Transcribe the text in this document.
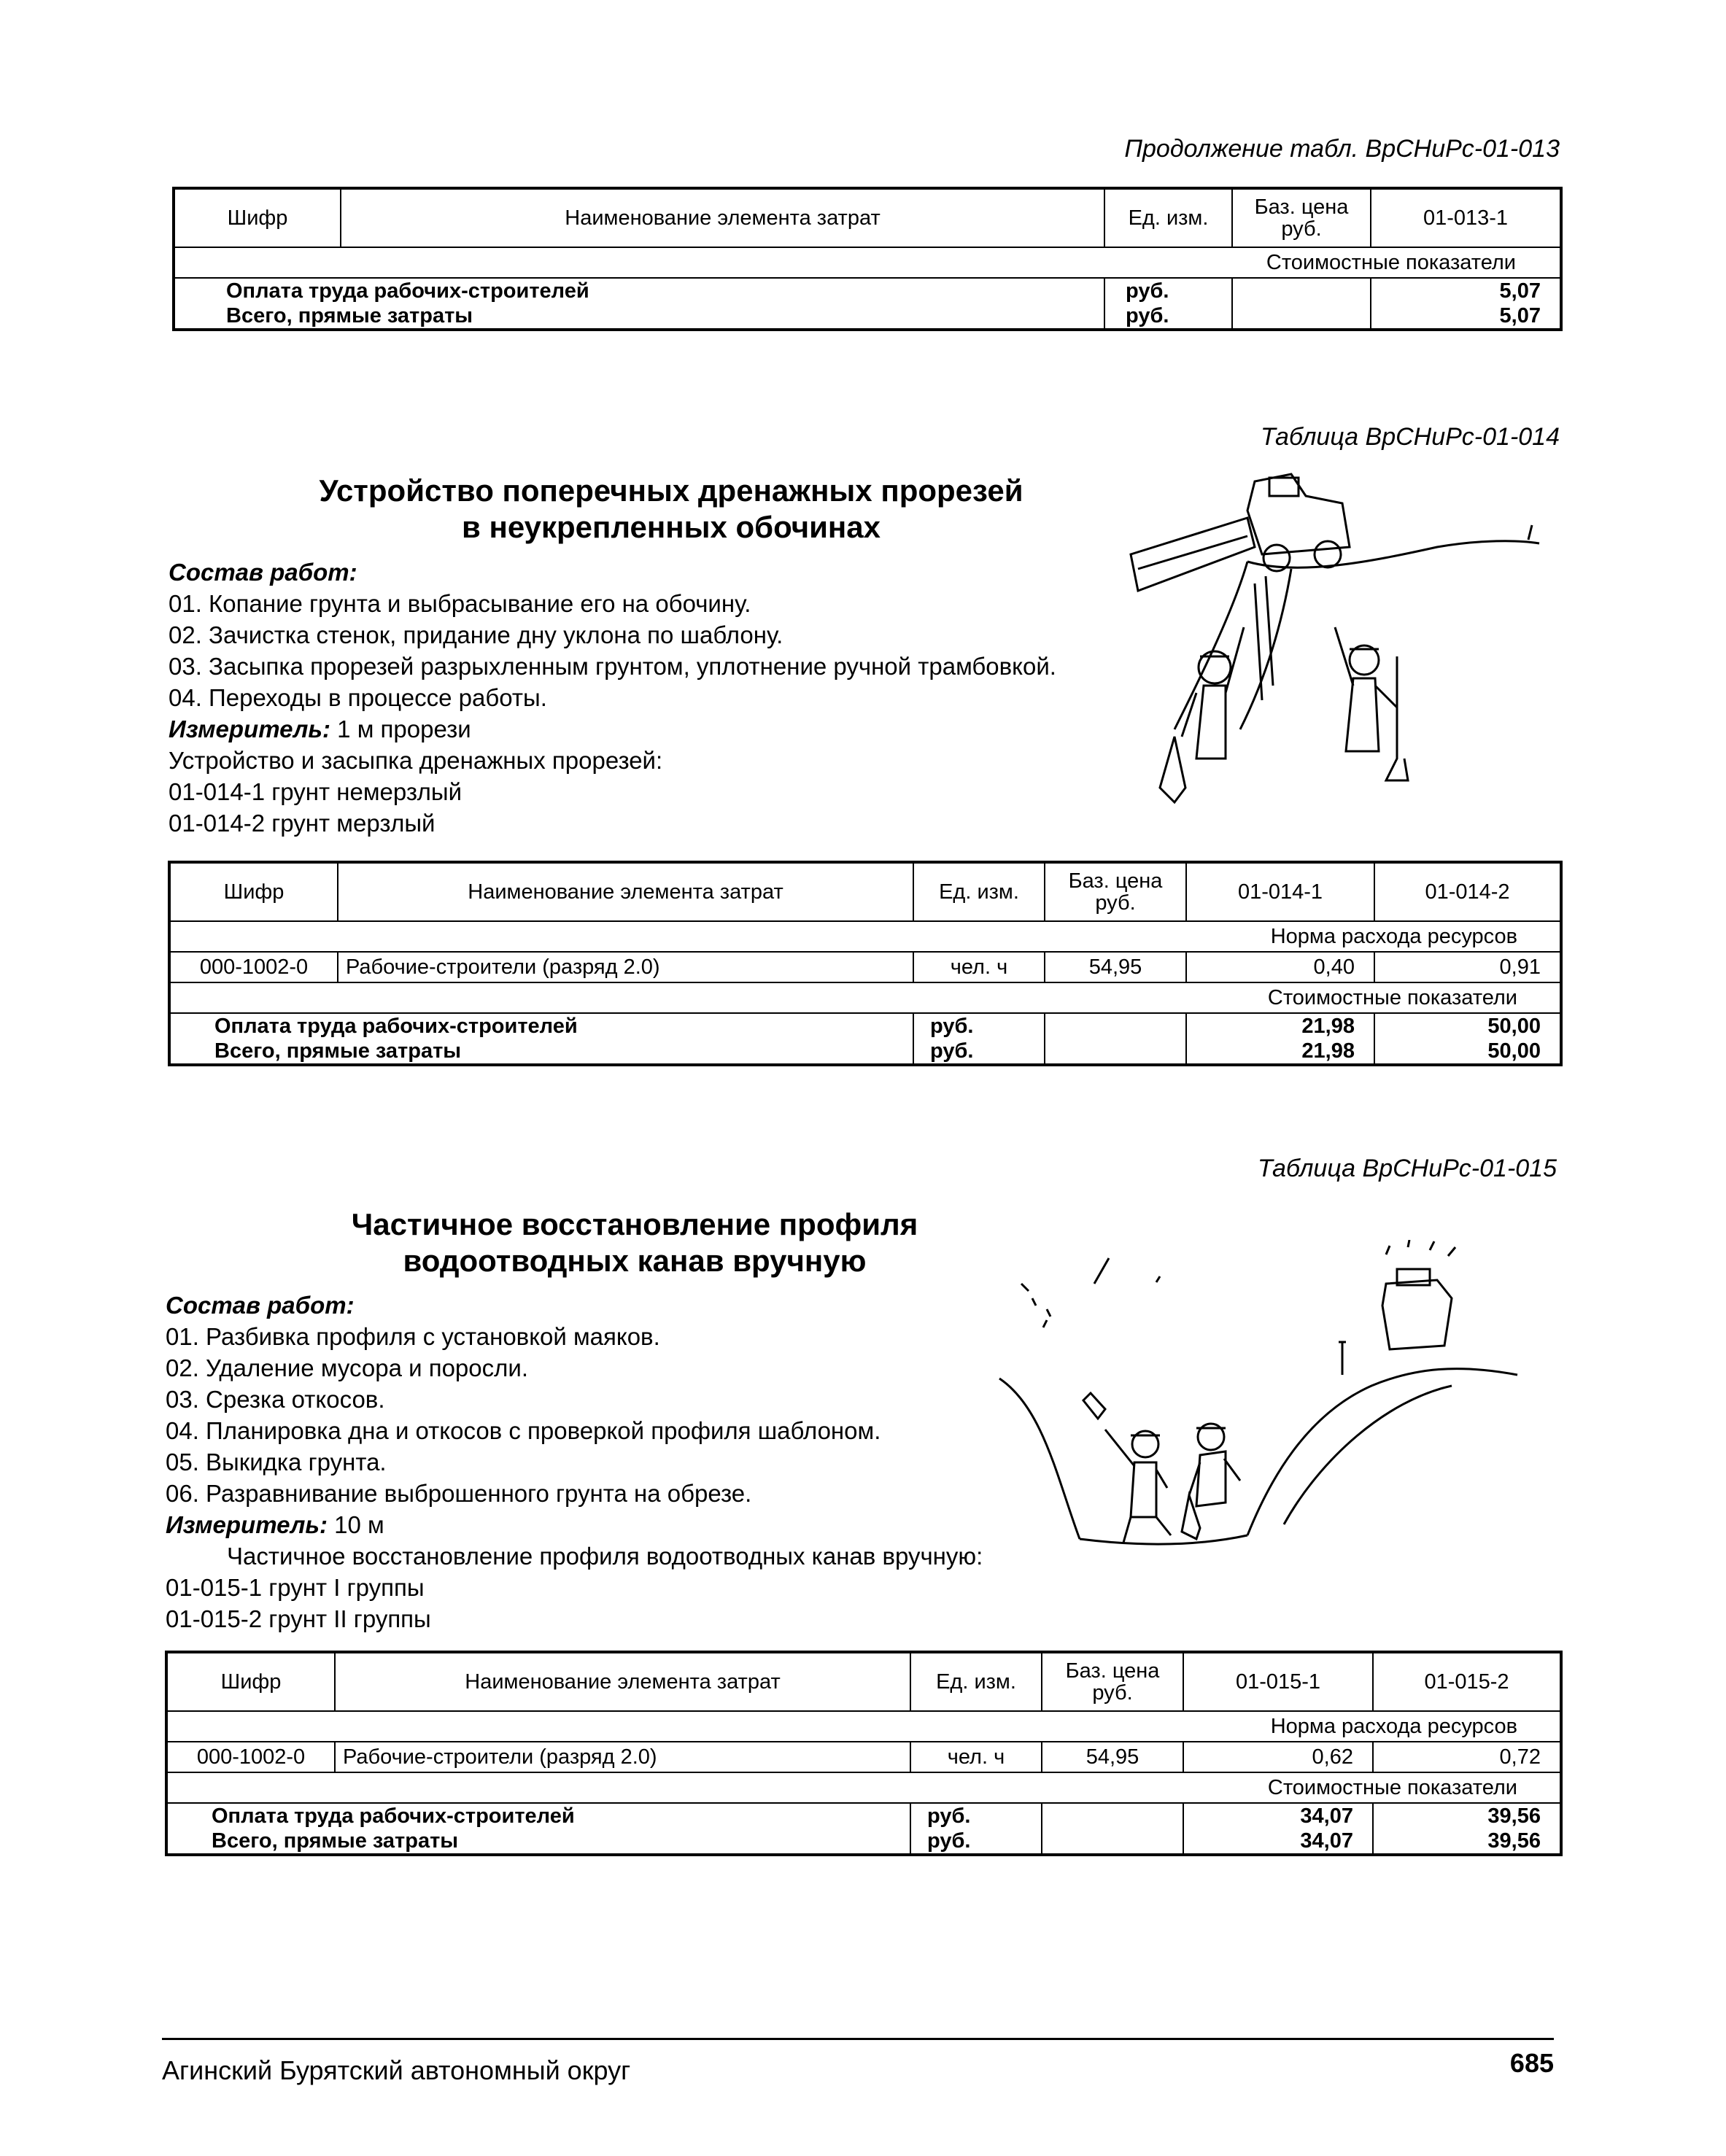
Продолжение табл. ВрСНиРс-01-013
Шифр	Наименование элемента затрат	Ед. изм.	Баз. цена руб.	01-013-1
Стоимостные показатели				
Оплата труда рабочих-строителей		руб.		5,07
Всего, прямые затраты		руб.		5,07
Таблица ВрСНиРс-01-014
Устройство поперечных дренажных прорезей
в неукрепленных обочинах
Состав работ:
01. Копание грунта и выбрасывание его на обочину.
02. Зачистка стенок, придание дну уклона по шаблону.
03. Засыпка прорезей разрыхленным грунтом, уплотнение ручной трамбовкой.
04. Переходы в процессе работы.
Измеритель: 1 м прорези
Устройство и засыпка дренажных прорезей:
01-014-1 грунт немерзлый
01-014-2 грунт мерзлый
Шифр	Наименование элемента затрат	Ед. изм.	Баз. цена руб.	01-014-1	01-014-2
Норма расхода ресурсов					
000-1002-0	Рабочие-строители (разряд 2.0)	чел. ч	54,95	0,40	0,91
Стоимостные показатели					
Оплата труда рабочих-строителей		руб.		21,98	50,00
Всего, прямые затраты		руб.		21,98	50,00
Таблица ВрСНиРс-01-015
Частичное восстановление профиля
водоотводных канав вручную
Состав работ:
01. Разбивка профиля с установкой маяков.
02. Удаление мусора и поросли.
03. Срезка откосов.
04. Планировка дна и откосов с проверкой профиля шаблоном.
05. Выкидка грунта.
06. Разравнивание выброшенного грунта на обрезе.
Измеритель: 10 м
Частичное восстановление профиля водоотводных канав вручную:
01-015-1 грунт I группы
01-015-2 грунт II группы
Шифр	Наименование элемента затрат	Ед. изм.	Баз. цена руб.	01-015-1	01-015-2
Норма расхода ресурсов					
000-1002-0	Рабочие-строители (разряд 2.0)	чел. ч	54,95	0,62	0,72
Стоимостные показатели					
Оплата труда рабочих-строителей		руб.		34,07	39,56
Всего, прямые затраты		руб.		34,07	39,56
Агинский Бурятский автономный округ	685
